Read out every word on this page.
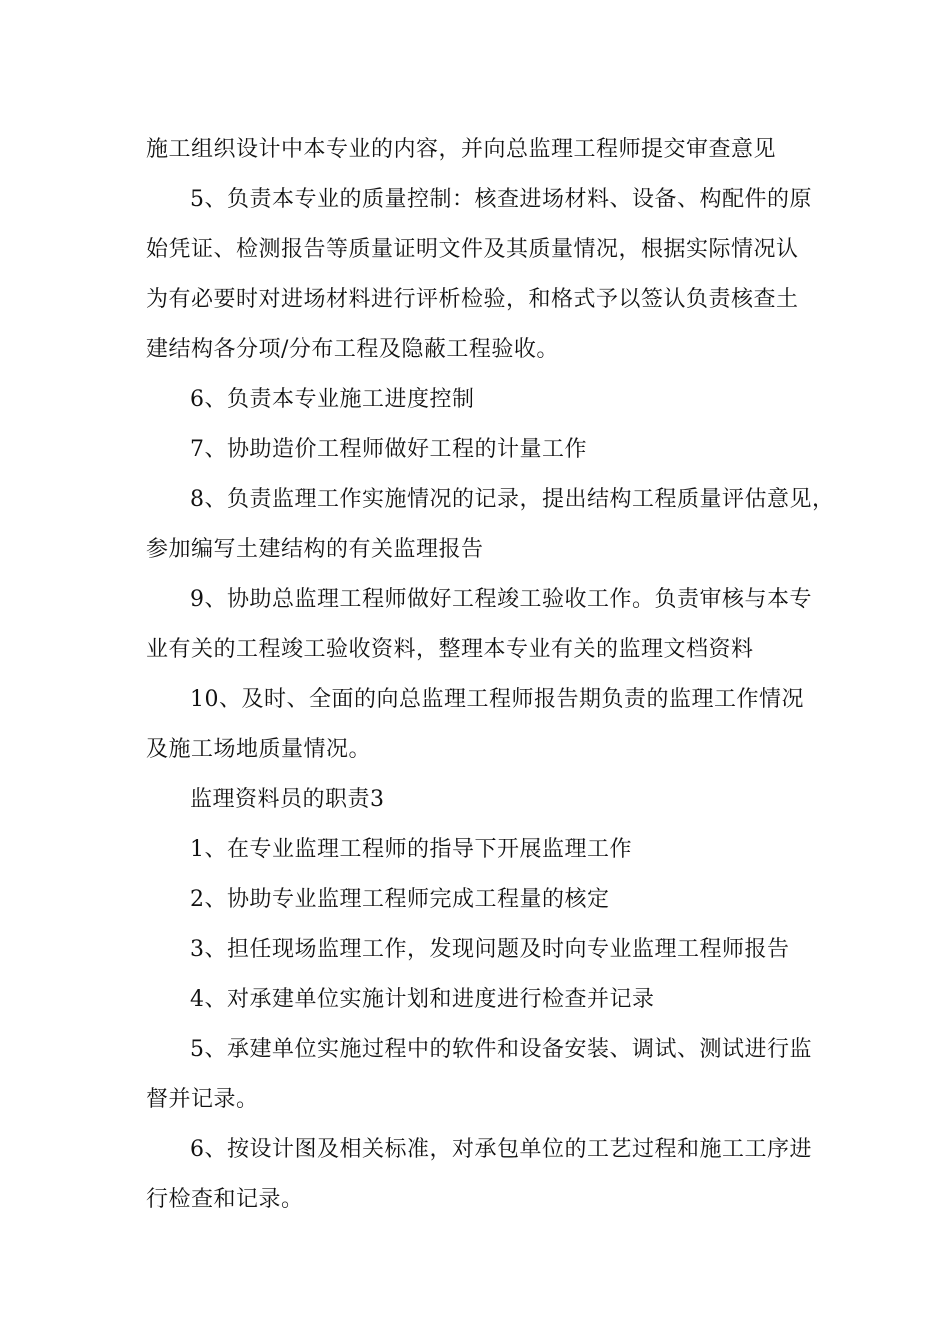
施工组织设计中本专业的内容，并向总监理工程师提交审查意见
5、负责本专业的质量控制：核查进场材料、设备、构配件的原
始凭证、检测报告等质量证明文件及其质量情况，根据实际情况认
为有必要时对进场材料进行评析检验，和格式予以签认负责核查土
建结构各分项/分布工程及隐蔽工程验收。
6、负责本专业施工进度控制
7、协助造价工程师做好工程的计量工作
8、负责监理工作实施情况的记录，提出结构工程质量评估意见，
参加编写土建结构的有关监理报告
9、协助总监理工程师做好工程竣工验收工作。负责审核与本专
业有关的工程竣工验收资料，整理本专业有关的监理文档资料
10、及时、全面的向总监理工程师报告期负责的监理工作情况
及施工场地质量情况。
监理资料员的职责3
1、在专业监理工程师的指导下开展监理工作
2、协助专业监理工程师完成工程量的核定
3、担任现场监理工作，发现问题及时向专业监理工程师报告
4、对承建单位实施计划和进度进行检查并记录
5、承建单位实施过程中的软件和设备安装、调试、测试进行监
督并记录。
6、按设计图及相关标准，对承包单位的工艺过程和施工工序进
行检查和记录。
